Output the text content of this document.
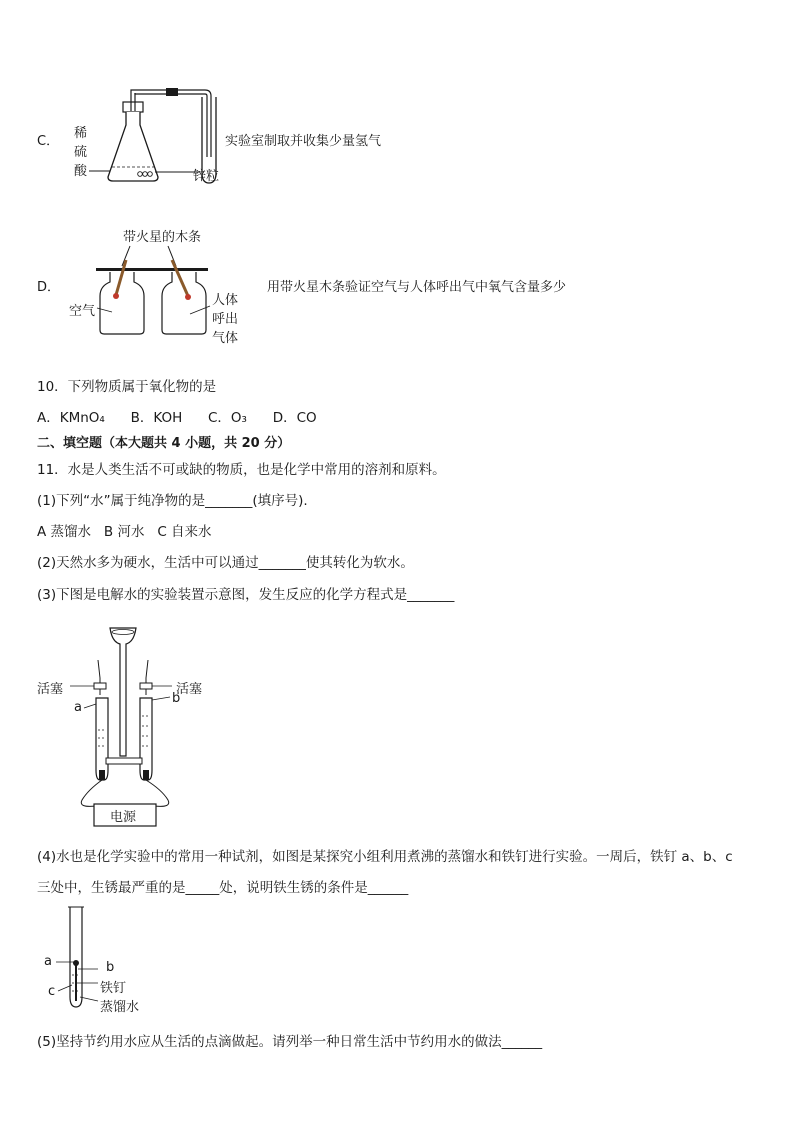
C．
稀
硫
酸	锌粒
实验室制取并收集少量氢气
D．
带火星的木条
空气
人体
呼出
气体
用带火星木条验证空气与人体呼出气中氧气含量多少
10．下列物质属于氧化物的是
A．KMnO₄      B．KOH      C．O₃      D．CO
二、填空题（本大题共 4 小题，共 20 分）
11．水是人类生活不可或缺的物质，也是化学中常用的溶剂和原料。
(1)下列“水”属于纯净物的是_______(填序号).
A 蒸馏水   B 河水   C 自来水
(2)天然水多为硬水，生活中可以通过_______使其转化为软水。
(3)下图是电解水的实验装置示意图，发生反应的化学方程式是_______
活塞	活塞
a
b
电源
(4)水也是化学实验中的常用一种试剂，如图是某探究小组利用煮沸的蒸馏水和铁钉进行实验。一周后，铁钉 a、b、c
三处中，生锈最严重的是_____处，说明铁生锈的条件是______
a	b
c	铁钉
蒸馏水
(5)坚持节约用水应从生活的点滴做起。请列举一种日常生活中节约用水的做法______
